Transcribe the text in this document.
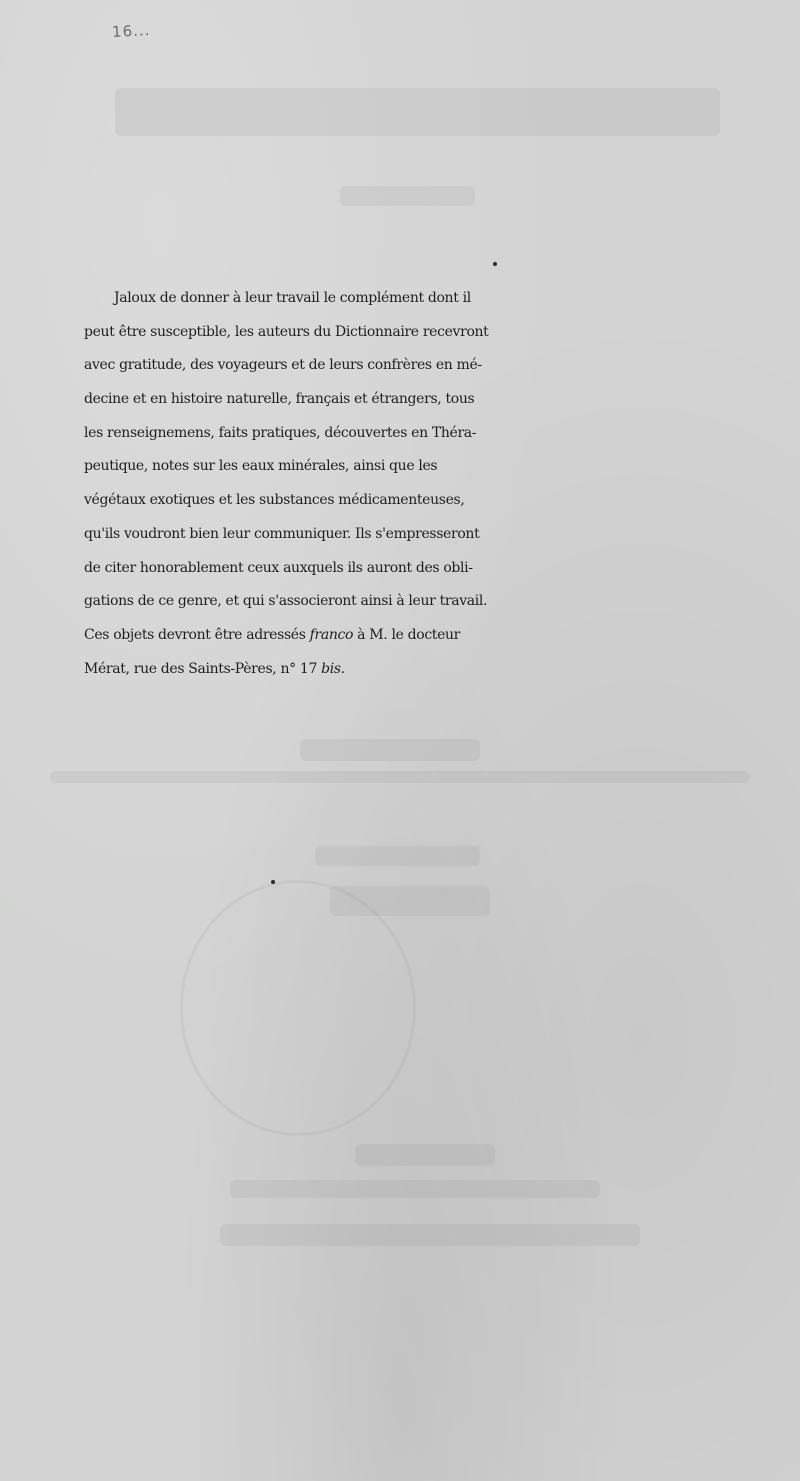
16...
Jaloux de donner à leur travail le complément dont il
peut être susceptible, les auteurs du Dictionnaire recevront
avec gratitude, des voyageurs et de leurs confrères en mé-
decine et en histoire naturelle, français et étrangers, tous
les renseignemens, faits pratiques, découvertes en Théra-
peutique, notes sur les eaux minérales, ainsi que les
végétaux exotiques et les substances médicamenteuses,
qu'ils voudront bien leur communiquer. Ils s'empresseront
de citer honorablement ceux auxquels ils auront des obli-
gations de ce genre, et qui s'associeront ainsi à leur travail.
Ces objets devront être adressés franco à M. le docteur
Mérat, rue des Saints-Pères, n° 17 bis.
